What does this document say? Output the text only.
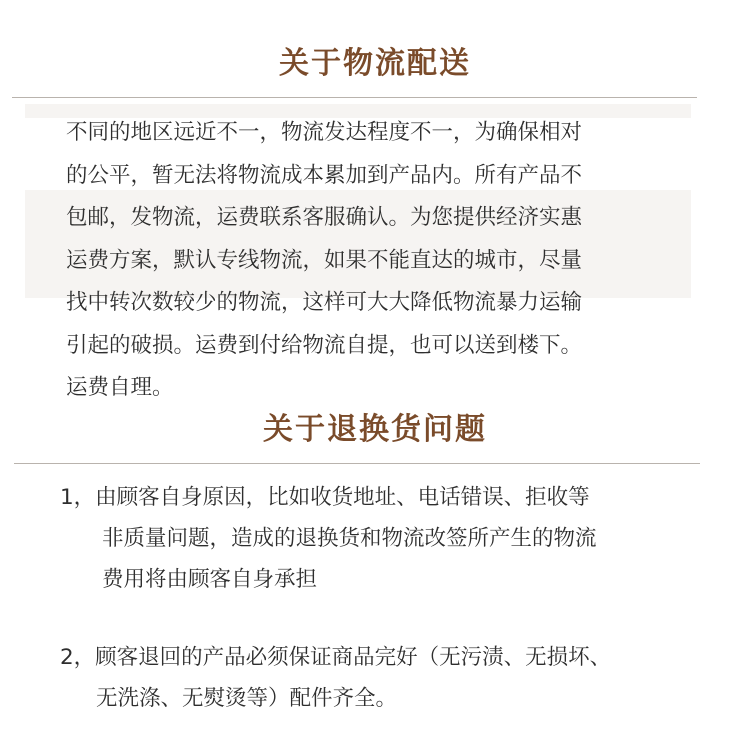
关于物流配送
不同的地区远近不一，物流发达程度不一，为确保相对
的公平，暂无法将物流成本累加到产品内。所有产品不
包邮，发物流，运费联系客服确认。为您提供经济实惠
运费方案，默认专线物流，如果不能直达的城市，尽量
找中转次数较少的物流，这样可大大降低物流暴力运输
引起的破损。运费到付给物流自提，也可以送到楼下。
运费自理。
关于退换货问题
1，由顾客自身原因，比如收货地址、电话错误、拒收等
非质量问题，造成的退换货和物流改签所产生的物流
费用将由顾客自身承担
2，顾客退回的产品必须保证商品完好（无污渍、无损坏、
无洗涤、无熨烫等）配件齐全。
